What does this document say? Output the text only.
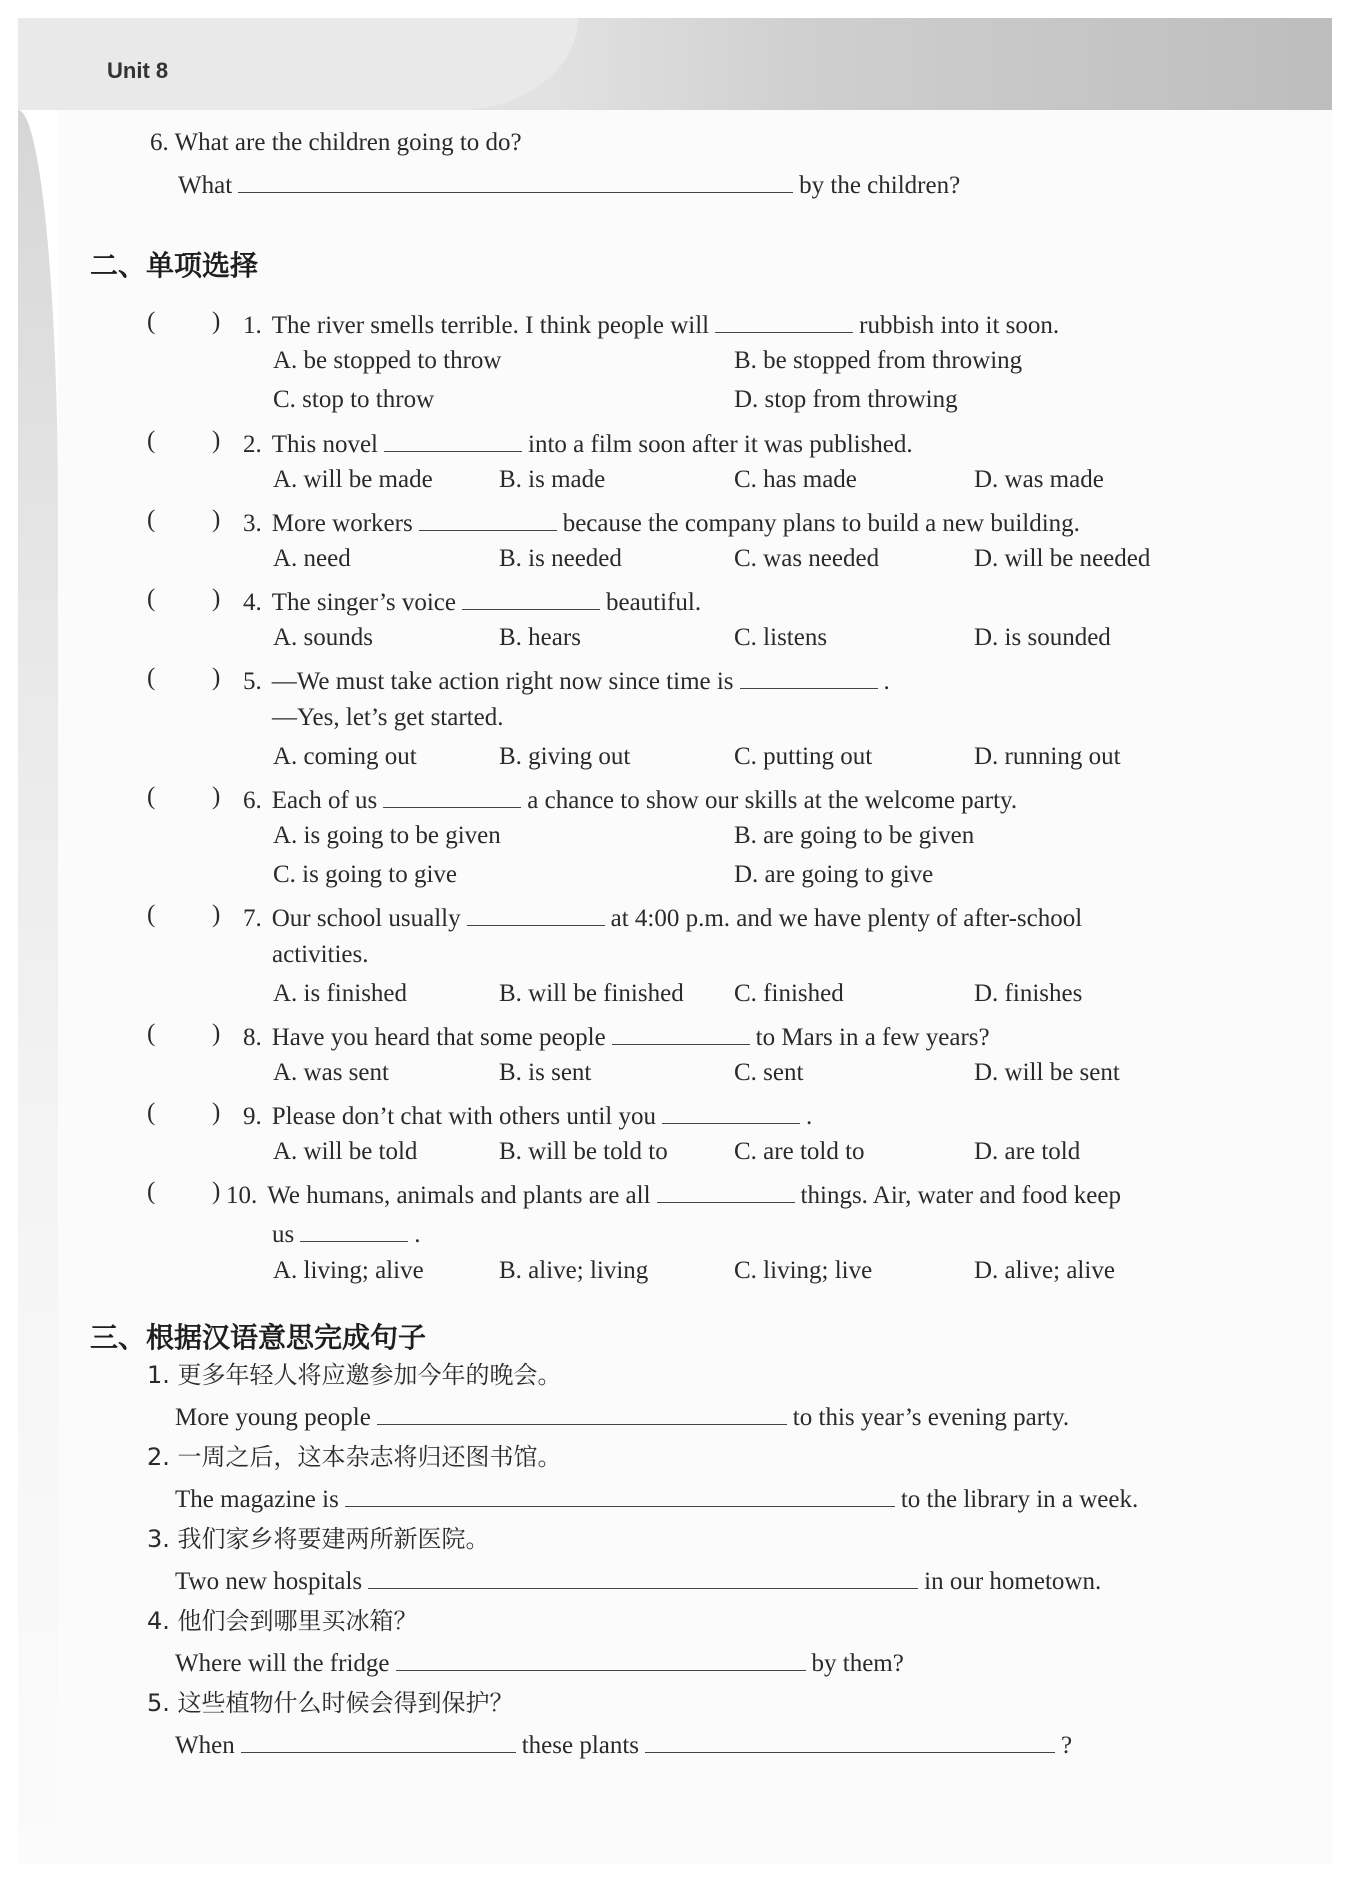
Unit 8
6. What are the children going to do?
What	by the children?
二、单项选择
( ) 1. The river smells terrible. I think people will	rubbish into it soon.
A. be stopped to throw	B. be stopped from throwing
C. stop to throw	D. stop from throwing
( ) 2. This novel	into a film soon after it was published.
A. will be made	B. is made	C. has made	D. was made
( ) 3. More workers	because the company plans to build a new building.
A. need	B. is needed	C. was needed	D. will be needed
( ) 4. The singer’s voice	beautiful.
A. sounds	B. hears	C. listens	D. is sounded
( ) 5. —We must take action right now since time is	.
—Yes, let’s get started.
A. coming out	B. giving out	C. putting out	D. running out
( ) 6. Each of us	a chance to show our skills at the welcome party.
A. is going to be given	B. are going to be given
C. is going to give	D. are going to give
( ) 7. Our school usually	at 4:00 p.m. and we have plenty of after-school
activities.
A. is finished	B. will be finished C. finished	D. finishes
( ) 8. Have you heard that some people	to Mars in a few years?
A. was sent	B. is sent	C. sent	D. will be sent
( ) 9. Please don’t chat with others until you	.
A. will be told	B. will be told to	C. are told to	D. are told
( ) 10. We humans, animals and plants are all	things. Air, water and food keep
us	.
A. living; alive	B. alive; living	C. living; live	D. alive; alive
三、根据汉语意思完成句子
1. 更多年轻人将应邀参加今年的晚会。
More young people	to this year’s evening party.
2. 一周之后，这本杂志将归还图书馆。
The magazine is	to the library in a week.
3. 我们家乡将要建两所新医院。
Two new hospitals	in our hometown.
4. 他们会到哪里买冰箱？
Where will the fridge	by them?
5. 这些植物什么时候会得到保护？
When	these plants	?
